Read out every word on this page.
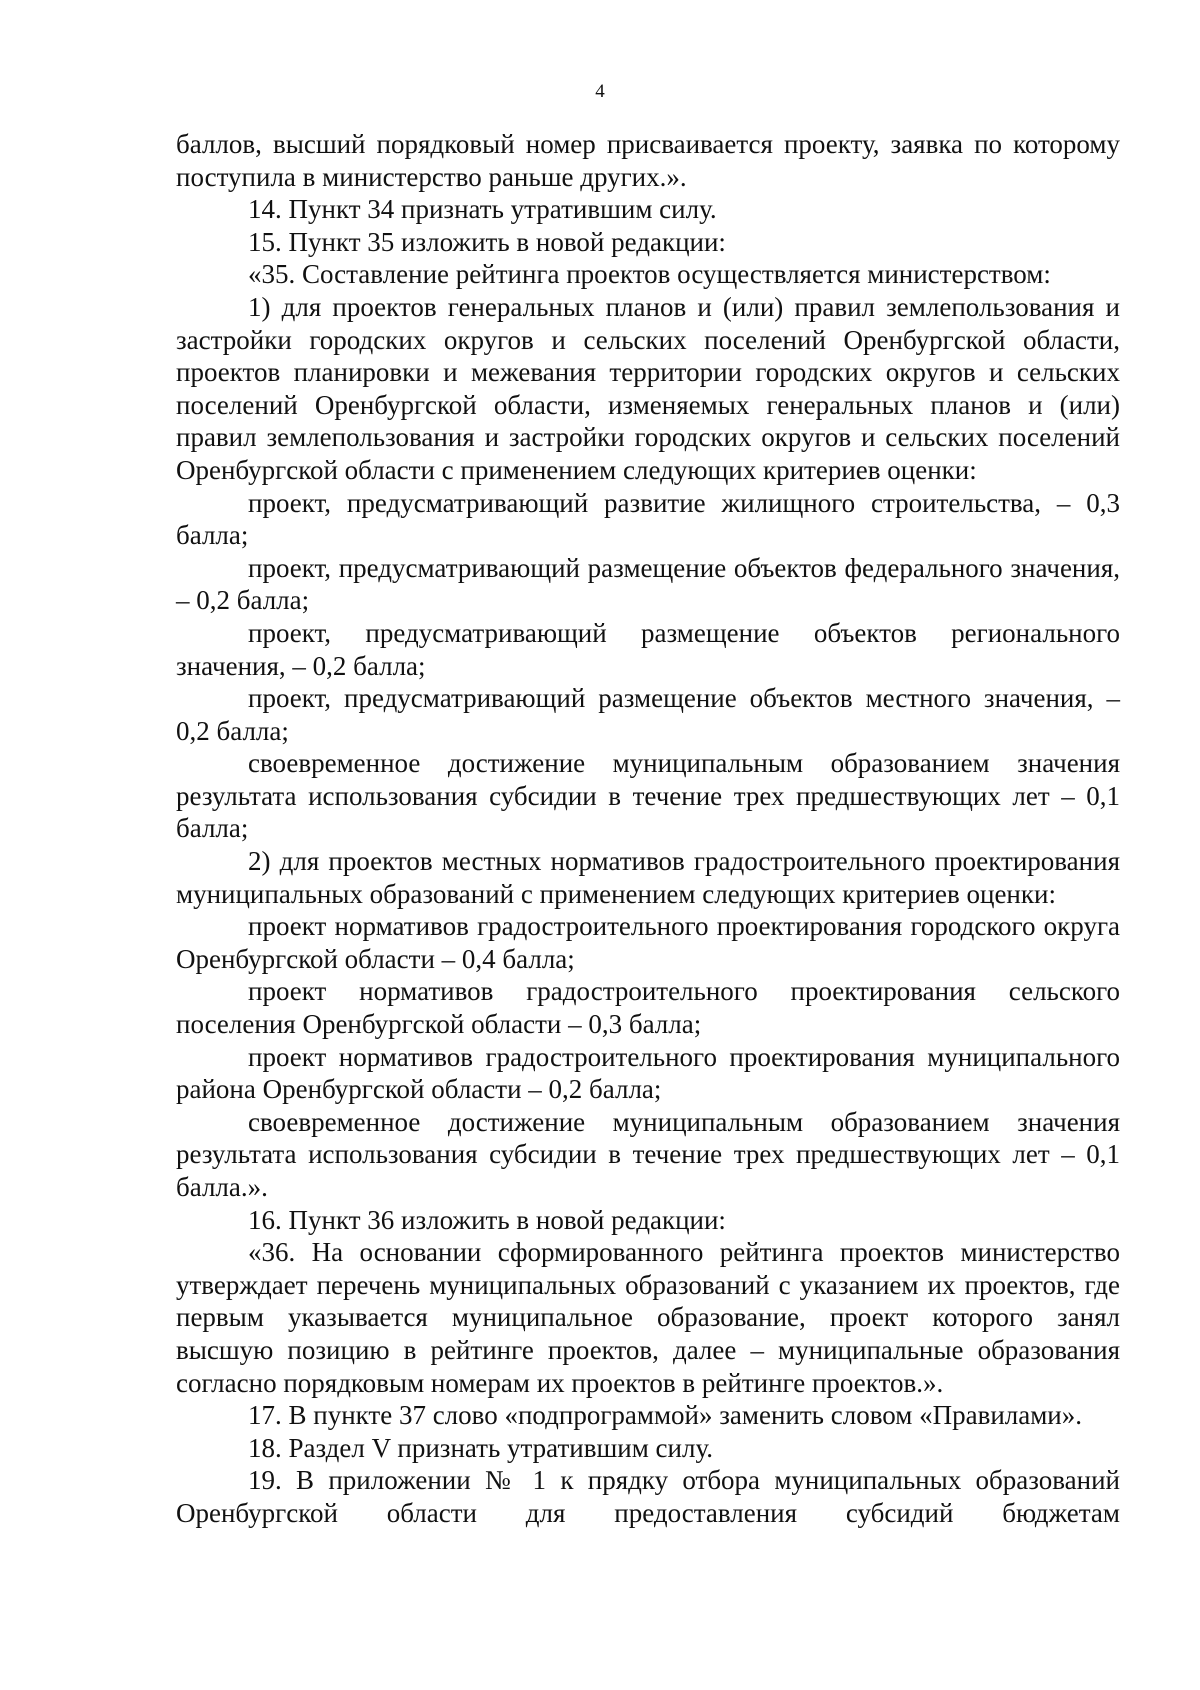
4

баллов, высший порядковый номер присваивается проекту, заявка по которому поступила в министерство раньше других.».

14. Пункт 34 признать утратившим силу.

15. Пункт 35 изложить в новой редакции:

«35. Составление рейтинга проектов осуществляется министерством:

1) для проектов генеральных планов и (или) правил землепользования и застройки городских округов и сельских поселений Оренбургской области, проектов планировки и межевания территории городских округов и сельских поселений Оренбургской области, изменяемых генеральных планов и (или) правил землепользования и застройки городских округов и сельских поселений Оренбургской области с применением следующих критериев оценки:

проект, предусматривающий развитие жилищного строительства, – 0,3 балла;

проект, предусматривающий размещение объектов федерального значения, – 0,2 балла;

проект, предусматривающий размещение объектов регионального значения, – 0,2 балла;

проект, предусматривающий размещение объектов местного значения, – 0,2 балла;

своевременное достижение муниципальным образованием значения результата использования субсидии в течение трех предшествующих лет – 0,1 балла;

2) для проектов местных нормативов градостроительного проектирования муниципальных образований с применением следующих критериев оценки:

проект нормативов градостроительного проектирования городского округа Оренбургской области – 0,4 балла;

проект нормативов градостроительного проектирования сельского поселения Оренбургской области – 0,3 балла;

проект нормативов градостроительного проектирования муниципального района Оренбургской области – 0,2 балла;

своевременное достижение муниципальным образованием значения результата использования субсидии в течение трех предшествующих лет – 0,1 балла.».

16. Пункт 36 изложить в новой редакции:

«36. На основании сформированного рейтинга проектов министерство утверждает перечень муниципальных образований с указанием их проектов, где первым указывается муниципальное образование, проект которого занял высшую позицию в рейтинге проектов, далее – муниципальные образования согласно порядковым номерам их проектов в рейтинге проектов.».

17. В пункте 37 слово «подпрограммой» заменить словом «Правилами».

18. Раздел V признать утратившим силу.

19. В приложении № 1 к прядку отбора муниципальных образований Оренбургской области для предоставления субсидий бюджетам
